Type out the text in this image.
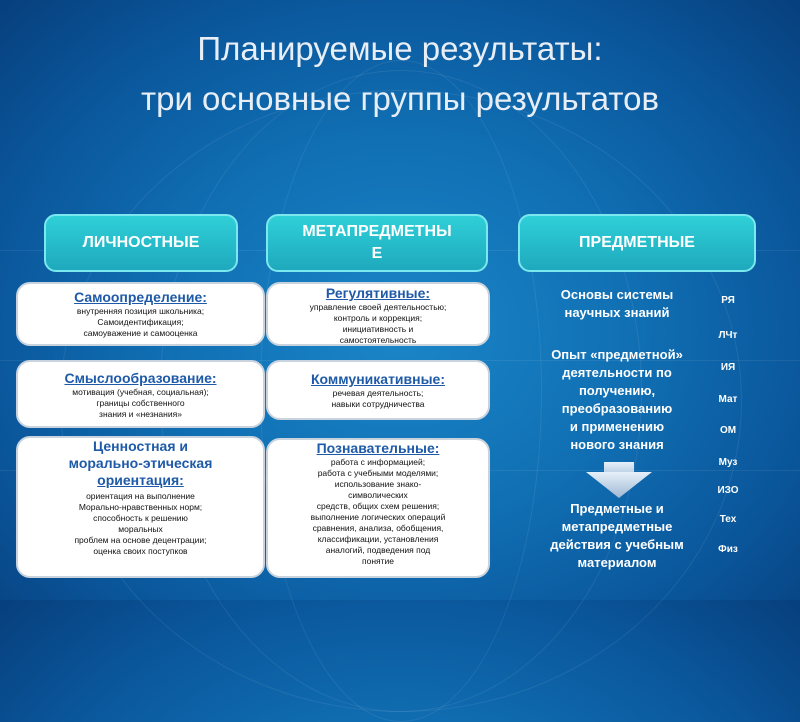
Планируемые результаты:
три основные группы результатов
ЛИЧНОСТНЫЕ
МЕТАПРЕДМЕТНЫ
Е
ПРЕДМЕТНЫЕ
Самоопределение:
внутренняя позиция школьника;
Самоидентификация;
самоуважение и самооценка
Смыслообразование:
мотивация (учебная, социальная);
границы собственного
знания и «незнания»
Ценностная и
морально-этическая
ориентация:
ориентация на выполнение
Морально-нравственных норм;
способность к решению
моральных
проблем на основе децентрации;
оценка своих поступков
Регулятивные:
управление своей деятельностью;
контроль и коррекция;
инициативность и
самостоятельность
Коммуникативные:
речевая деятельность;
навыки сотрудничества
Познавательные:
работа с информацией;
работа с учебными моделями;
использование знако-
символических
средств, общих схем решения;
выполнение логических операций
сравнения, анализа, обобщения,
классификации, установления
аналогий, подведения под
понятие
Основы системы
научных знаний
Опыт «предметной»
деятельности по
получению,
преобразованию
и применению
нового знания
Предметные и
метапредметные
действия с учебным
материалом
РЯ
ЛЧт
ИЯ
Мат
ОМ
Муз
ИЗО
Тех
Физ
